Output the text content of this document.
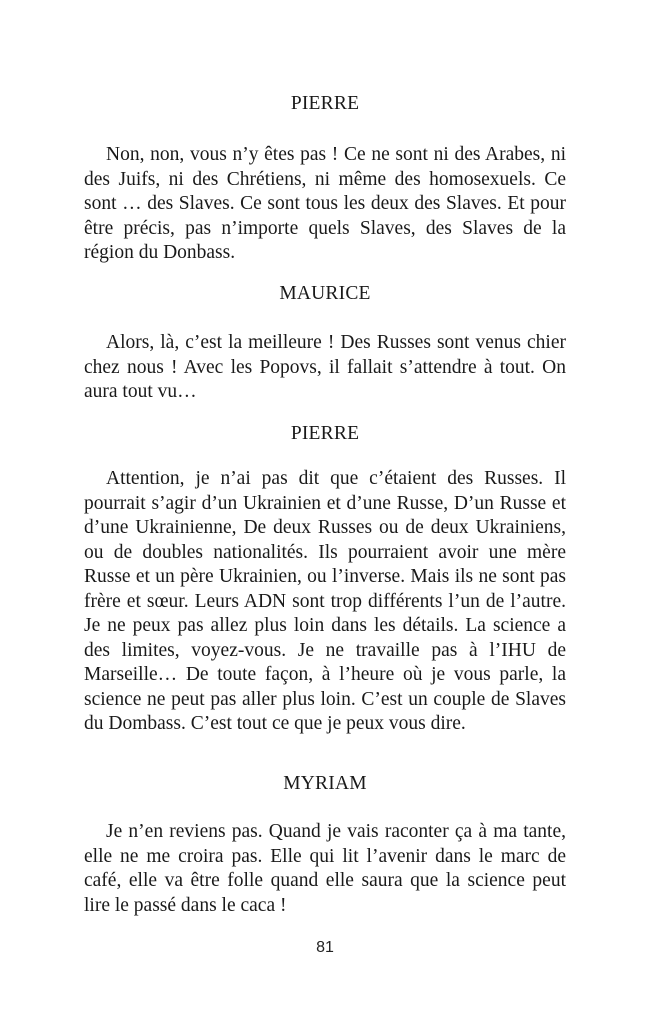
PIERRE

Non, non, vous n’y êtes pas ! Ce ne sont ni des Arabes, ni des Juifs, ni des Chrétiens, ni même des homosexuels. Ce sont … des Slaves. Ce sont tous les deux des Slaves. Et pour être précis, pas n’importe quels Slaves, des Slaves de la région du Donbass.

MAURICE

Alors, là, c’est la meilleure ! Des Russes sont venus chier chez nous ! Avec les Popovs, il fallait s’attendre à tout. On aura tout vu…

PIERRE

Attention, je n’ai pas dit que c’étaient des Russes. Il pourrait s’agir d’un Ukrainien et d’une Russe, D’un Russe et d’une Ukrainienne, De deux Russes ou de deux Ukrainiens, ou de doubles nationalités. Ils pourraient avoir une mère Russe et un père Ukrainien, ou l’inverse. Mais ils ne sont pas frère et sœur. Leurs ADN sont trop différents l’un de l’autre. Je ne peux pas allez plus loin dans les détails. La science a des limites, voyez-vous. Je ne travaille pas à l’IHU de Marseille… De toute façon, à l’heure où je vous parle, la science ne peut pas aller plus loin. C’est un couple de Slaves du Dombass. C’est tout ce que je peux vous dire.

MYRIAM

Je n’en reviens pas. Quand je vais raconter ça à ma tante, elle ne me croira pas. Elle qui lit l’avenir dans le marc de café, elle va être folle quand elle saura que la science peut lire le passé dans le caca !

81
